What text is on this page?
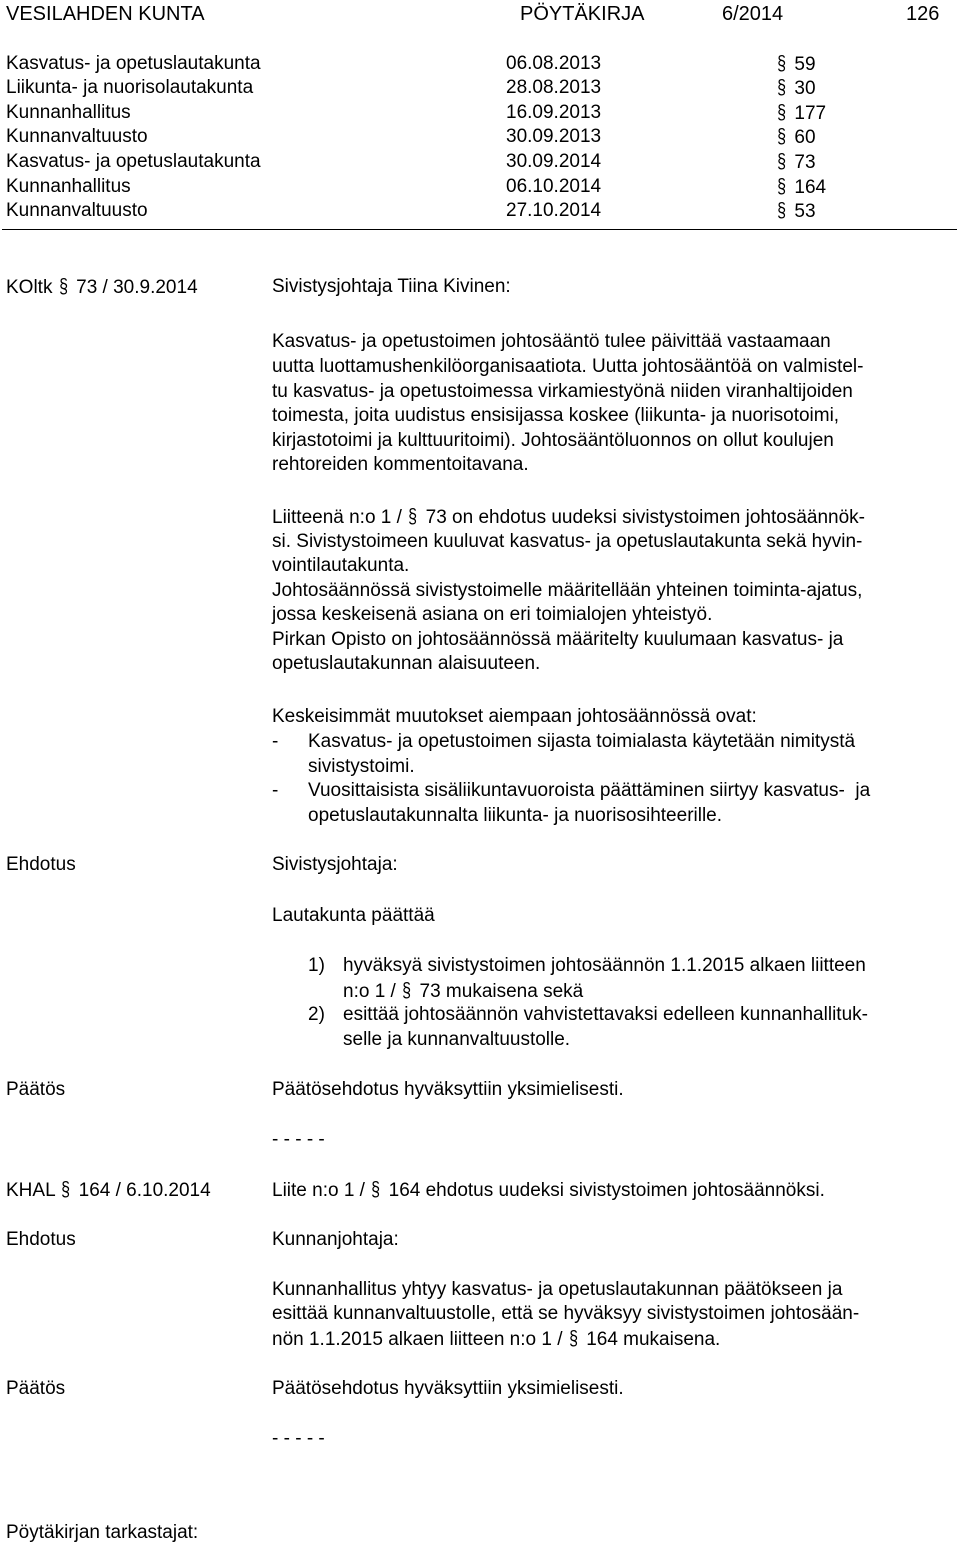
VESILAHDEN KUNTA	PÖYTÄKIRJA	6/2014	126
Kasvatus- ja opetuslautakunta	06.08.2013	§ 59
Liikunta- ja nuorisolautakunta	28.08.2013	§ 30
Kunnanhallitus	16.09.2013	§ 177
Kunnanvaltuusto	30.09.2013	§ 60
Kasvatus- ja opetuslautakunta	30.09.2014	§ 73
Kunnanhallitus	06.10.2014	§ 164
Kunnanvaltuusto	27.10.2014	§ 53
KOltk § 73 / 30.9.2014	Sivistysjohtaja Tiina Kivinen:
Kasvatus- ja opetustoimen johtosääntö tulee päivittää vastaamaan
uutta luottamushenkilöorganisaatiota. Uutta johtosääntöä on valmistel-
tu kasvatus- ja opetustoimessa virkamiestyönä niiden viranhaltijoiden
toimesta, joita uudistus ensisijassa koskee (liikunta- ja nuorisotoimi,
kirjastotoimi ja kulttuuritoimi). Johtosääntöluonnos on ollut koulujen
rehtoreiden kommentoitavana.
Liitteenä n:o 1 / § 73 on ehdotus uudeksi sivistystoimen johtosäännök-
si. Sivistystoimeen kuuluvat kasvatus- ja opetuslautakunta sekä hyvin-
vointilautakunta.
Johtosäännössä sivistystoimelle määritellään yhteinen toiminta-ajatus,
jossa keskeisenä asiana on eri toimialojen yhteistyö.
Pirkan Opisto on johtosäännössä määritelty kuulumaan kasvatus- ja
opetuslautakunnan alaisuuteen.
Keskeisimmät muutokset aiempaan johtosäännössä ovat:
- Kasvatus- ja opetustoimen sijasta toimialasta käytetään nimitystä
sivistystoimi.
- Vuosittaisista sisäliikuntavuoroista päättäminen siirtyy kasvatus-  ja
opetuslautakunnalta liikunta- ja nuorisosihteerille.
Ehdotus	Sivistysjohtaja:
Lautakunta päättää
1) hyväksyä sivistystoimen johtosäännön 1.1.2015 alkaen liitteen
n:o 1 / § 73 mukaisena sekä
2) esittää johtosäännön vahvistettavaksi edelleen kunnanhallituk-
selle ja kunnanvaltuustolle.
Päätös	Päätösehdotus hyväksyttiin yksimielisesti.
- - - - -
KHAL § 164 / 6.10.2014	Liite n:o 1 / § 164 ehdotus uudeksi sivistystoimen johtosäännöksi.
Ehdotus	Kunnanjohtaja:
Kunnanhallitus yhtyy kasvatus- ja opetuslautakunnan päätökseen ja
esittää kunnanvaltuustolle, että se hyväksyy sivistystoimen johtosään-
nön 1.1.2015 alkaen liitteen n:o 1 / § 164 mukaisena.
Päätös	Päätösehdotus hyväksyttiin yksimielisesti.
- - - - -
Pöytäkirjan tarkastajat:
